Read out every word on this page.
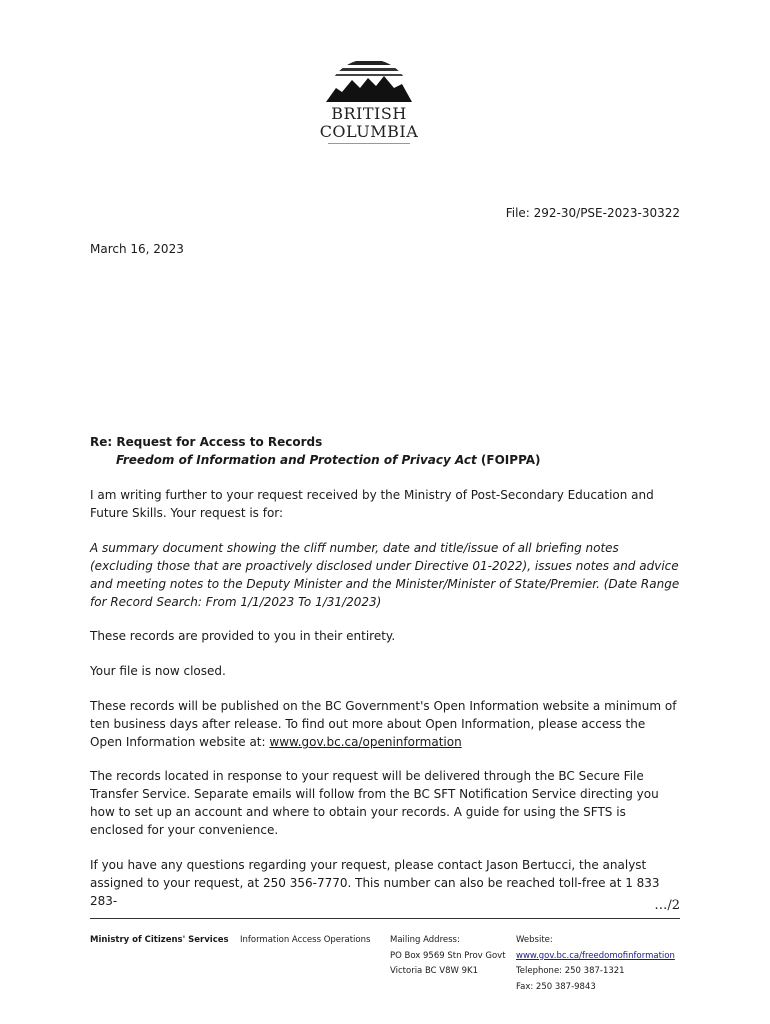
BRITISH
COLUMBIA
File: 292-30/PSE-2023-30322
March 16, 2023
Re: Request for Access to Records
Freedom of Information and Protection of Privacy Act (FOIPPA)
I am writing further to your request received by the Ministry of Post-Secondary Education and Future Skills. Your request is for:
A summary document showing the cliff number, date and title/issue of all briefing notes (excluding those that are proactively disclosed under Directive 01-2022), issues notes and advice and meeting notes to the Deputy Minister and the Minister/Minister of State/Premier. (Date Range for Record Search: From 1/1/2023 To 1/31/2023)
These records are provided to you in their entirety.
Your file is now closed.
These records will be published on the BC Government's Open Information website a minimum of ten business days after release. To find out more about Open Information, please access the Open Information website at: www.gov.bc.ca/openinformation
The records located in response to your request will be delivered through the BC Secure File Transfer Service. Separate emails will follow from the BC SFT Notification Service directing you how to set up an account and where to obtain your records. A guide for using the SFTS is enclosed for your convenience.
If you have any questions regarding your request, please contact Jason Bertucci, the analyst assigned to your request, at 250 356-7770. This number can also be reached toll-free at 1 833 283-	…/2
Ministry of Citizens' Services Information Access Operations Mailing Address:
PO Box 9569 Stn Prov Govt
Victoria BC V8W 9K1
Website:
www.gov.bc.ca/freedomofinformation
Telephone: 250 387-1321
Fax: 250 387-9843
